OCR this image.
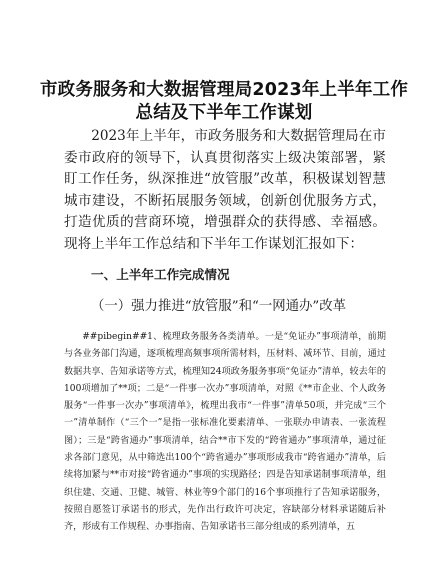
市政务服务和大数据管理局2023年上半年工作
总结及下半年工作谋划

2023年上半年，市政务服务和大数据管理局在市委市政府的领导下，认真贯彻落实上级决策部署，紧盯工作任务，纵深推进“放管服”改革，积极谋划智慧城市建设，不断拓展服务领域，创新创优服务方式，打造优质的营商环境，增强群众的获得感、幸福感。现将上半年工作总结和下半年工作谋划汇报如下：

一、上半年工作完成情况

（一）强力推进“放管服”和“一网通办”改革

##pibegin##1、梳理政务服务各类清单。一是“免证办”事项清单，前期与各业务部门沟通，逐项梳理高频事项所需材料，压材料、减环节、目前，通过数据共享、告知承诺等方式，梳理知24项政务服务事项“免证办”清单，较去年的100项增加了**项；二是“一件事一次办”事项清单，对照《**市企业、个人政务服务“一件事一次办”事项清单》，梳理出我市“一件事”清单50项，并完成“三个一”清单制作（“三个一”是指一张标准化要素清单、一张联办申请表、一张流程图）；三是“跨省通办”事项清单，结合**市下发的“跨省通办”事项清单，通过征求各部门意见，从中筛选出100个“跨省通办”事项形成我市“跨省通办”清单，后续将加紧与**市对接“跨省通办”事项的实现路径；四是告知承诺制事项清单，组织住建、交通、卫健、城管、林业等9个部门的16个事项推行了告知承诺服务，按照自愿签订承诺书的形式，先作出行政许可决定，容缺部分材料承诺随后补齐，形成有工作规程、办事指南、告知承诺书三部分组成的系列清单，五
